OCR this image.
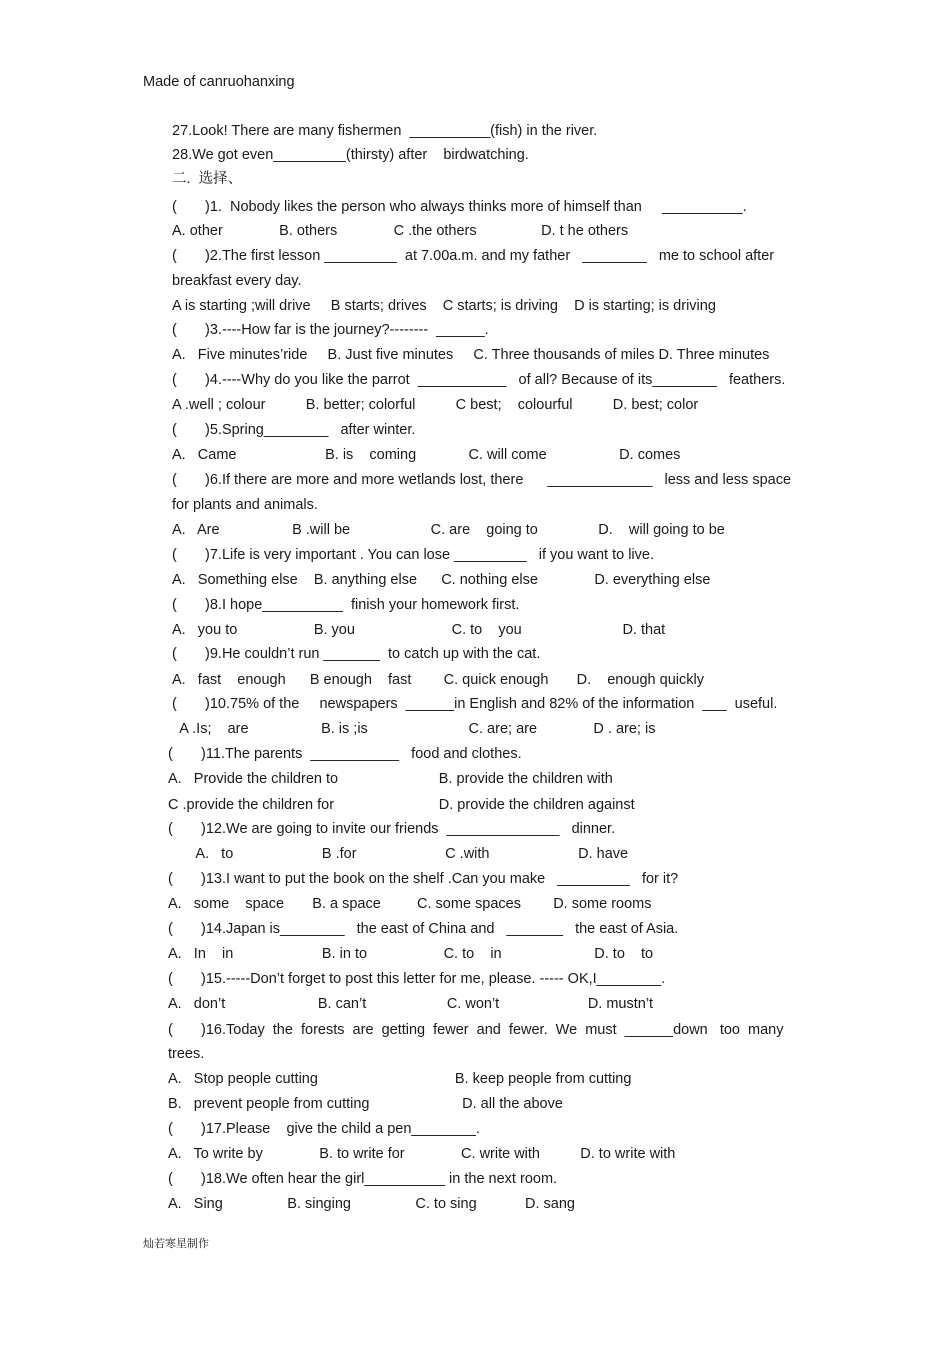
Made of canruohanxing
27.Look! There are many fishermen  __________(fish) in the river.
28.We got even_________(thirsty) after    birdwatching.
二.  选择、
(       )1.  Nobody likes the person who always thinks more of himself than     __________.
A. other              B. others              C .the others                D. t he others
(       )2.The first lesson _________  at 7.00a.m. and my father   ________   me to school after
breakfast every day.
A is starting ;will drive     B starts; drives    C starts; is driving    D is starting; is driving
(       )3.----How far is the journey?--------  ______.
A.   Five minutes’ride     B. Just five minutes     C. Three thousands of miles D. Three minutes
(       )4.----Why do you like the parrot  ___________   of all? Because of its________   feathers.
A .well ; colour          B. better; colorful          C best;    colourful          D. best; color
(       )5.Spring________   after winter.
A.   Came                      B. is    coming             C. will come                  D. comes
(       )6.If there are more and more wetlands lost, there      _____________   less and less space
for plants and animals.
A.   Are                  B .will be                    C. are    going to               D.    will going to be
(       )7.Life is very important . You can lose _________   if you want to live.
A.   Something else    B. anything else      C. nothing else              D. everything else
(       )8.I hope__________  finish your homework first.
A.   you to                   B. you                        C. to    you                         D. that
(       )9.He couldn’t run _______  to catch up with the cat.
A.   fast    enough      B enough    fast        C. quick enough       D.    enough quickly
(       )10.75% of the     newspapers  ______in English and 82% of the information  ___  useful.
A .Is;    are                  B. is ;is                         C. are; are              D . are; is
(       )11.The parents  ___________   food and clothes.
A.   Provide the children to                         B. provide the children with
C .provide the children for                          D. provide the children against
(       )12.We are going to invite our friends  ______________   dinner.
A.   to                      B .for                      C .with                      D. have
(       )13.I want to put the book on the shelf .Can you make   _________   for it?
A.   some    space       B. a space         C. some spaces        D. some rooms
(       )14.Japan is________   the east of China and   _______   the east of Asia.
A.   In    in                      B. in to                   C. to    in                       D. to    to
(       )15.-----Don’t forget to post this letter for me, please. ----- OK,I________.
A.   don’t                       B. can’t                    C. won’t                      D. mustn’t
(       )16.Today  the  forests  are  getting  fewer  and  fewer.  We  must  ______down   too  many
trees.
A.   Stop people cutting                                  B. keep people from cutting
B.   prevent people from cutting                       D. all the above
(       )17.Please    give the child a pen________.
A.   To write by              B. to write for              C. write with          D. to write with
(       )18.We often hear the girl__________ in the next room.
A.   Sing                B. singing                C. to sing            D. sang
灿若寒星制作
